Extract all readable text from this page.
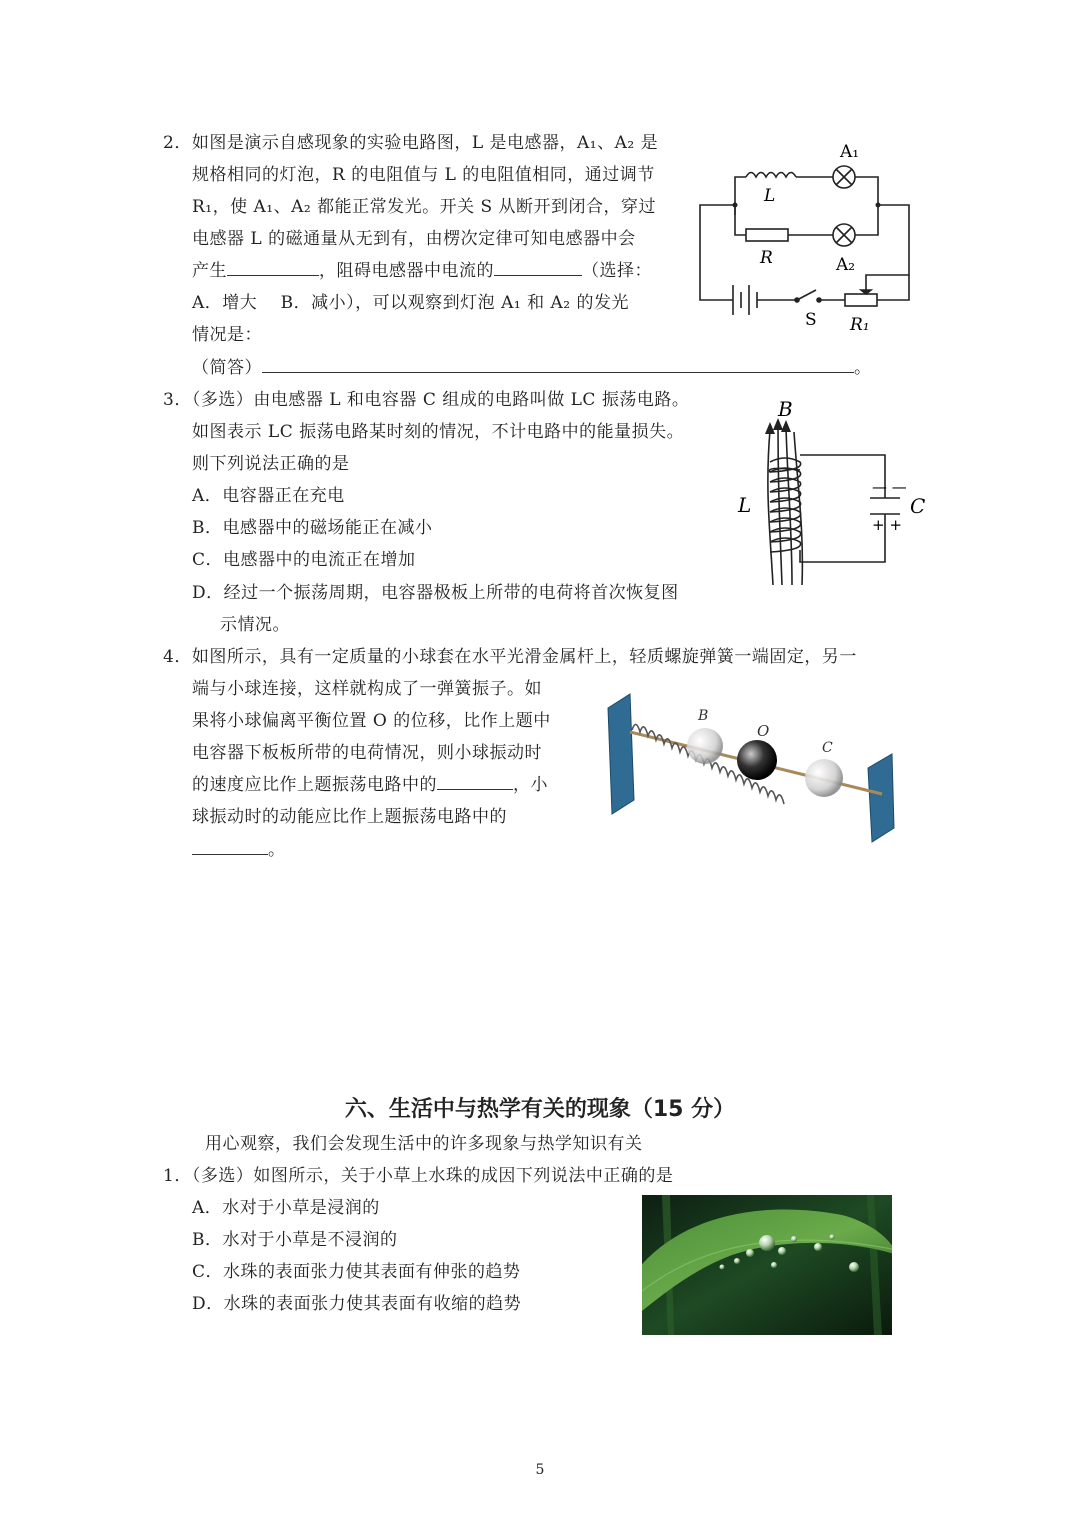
2．如图是演示自感现象的实验电路图，L 是电感器，A₁、A₂ 是
规格相同的灯泡，R 的电阻值与 L 的电阻值相同，通过调节
R₁，使 A₁、A₂ 都能正常发光。开关 S 从断开到闭合，穿过
电感器 L 的磁通量从无到有，由楞次定律可知电感器中会
产生	，阻碍电感器中电流的	（选择：
A．增大　 B．减小），可以观察到灯泡 A₁ 和 A₂ 的发光
情况是：
（简答）	。
A₁
L
R	A₂
S R₁
3．（多选）由电感器 L 和电容器 C 组成的电路叫做 LC 振荡电路。
如图表示 LC 振荡电路某时刻的情况，不计电路中的能量损失。
则下列说法正确的是
A．电容器正在充电
B．电感器中的磁场能正在减小
C．电感器中的电流正在增加
D．经过一个振荡周期，电容器极板上所带的电荷将首次恢复图
示情况。
B
L	C
+ +
— —
4．如图所示，具有一定质量的小球套在水平光滑金属杆上，轻质螺旋弹簧一端固定，另一
端与小球连接，这样就构成了一弹簧振子。如
果将小球偏离平衡位置 O 的位移，比作上题中
电容器下板板所带的电荷情况，则小球振动时
的速度应比作上题振荡电路中的	，小
球振动时的动能应比作上题振荡电路中的
。
B
O
C
六、生活中与热学有关的现象（15 分）
用心观察，我们会发现生活中的许多现象与热学知识有关
1．（多选）如图所示，关于小草上水珠的成因下列说法中正确的是
A．水对于小草是浸润的
B．水对于小草是不浸润的
C．水珠的表面张力使其表面有伸张的趋势
D．水珠的表面张力使其表面有收缩的趋势
5
